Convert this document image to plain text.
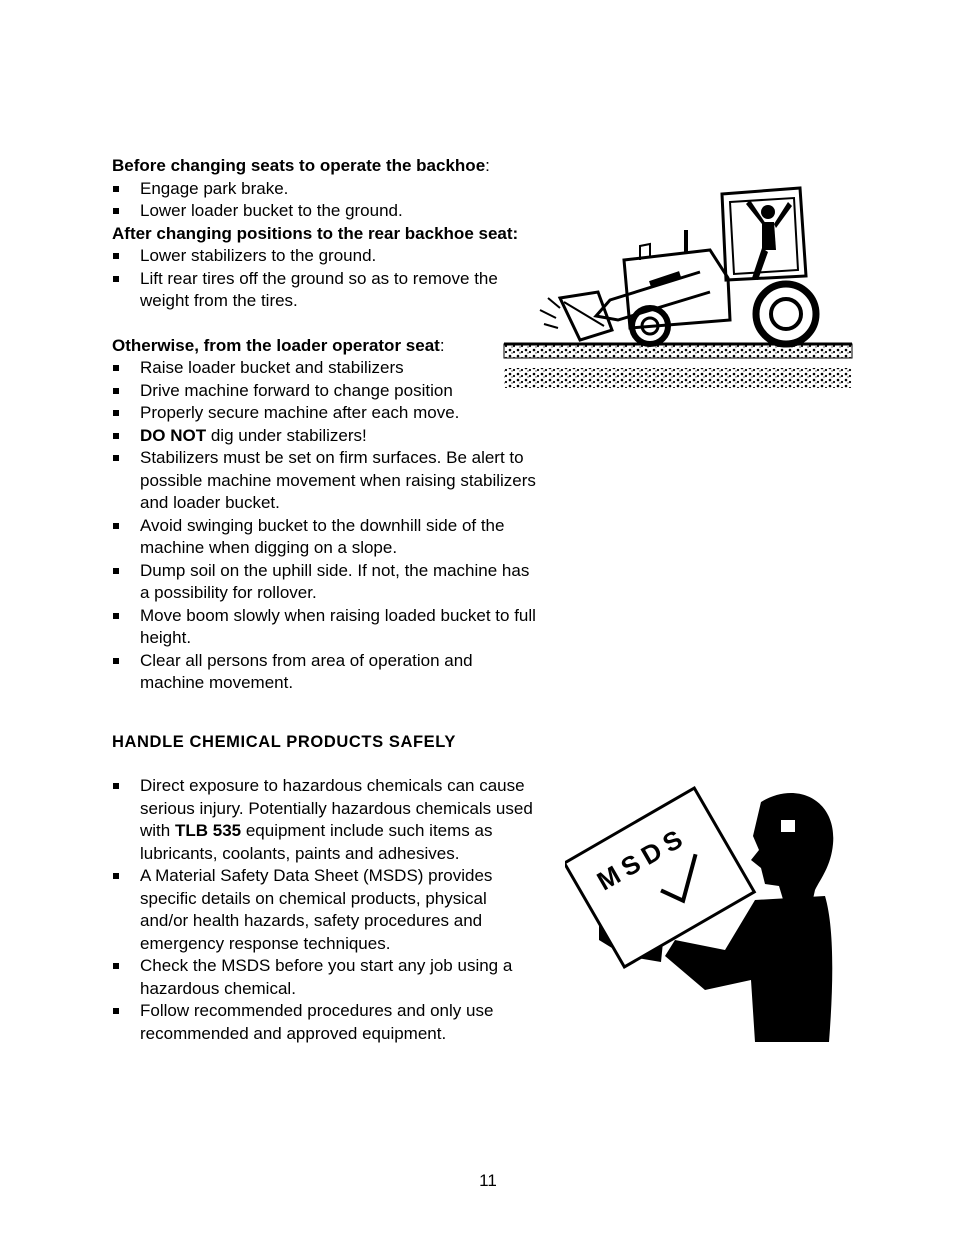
Before changing seats to operate the backhoe:

Engage park brake.
Lower loader bucket to the ground.

After changing positions to the rear backhoe seat:

Lower stabilizers to the ground.
Lift rear tires off the ground so as to remove the weight from the tires.

Otherwise, from the loader operator seat:

Raise loader bucket and stabilizers
Drive machine forward to change position
Properly secure machine after each move.
DO NOT dig under stabilizers!
Stabilizers must be set on firm surfaces. Be alert to possible machine movement when raising stabilizers and loader bucket.
Avoid swinging bucket to the downhill side of the machine when digging on a slope.
Dump soil on the uphill side. If not, the machine has a possibility for rollover.
Move boom slowly when raising loaded bucket to full height.
Clear all persons from area of operation and machine movement.

HANDLE CHEMICAL PRODUCTS SAFELY

Direct exposure to hazardous chemicals can cause serious injury. Potentially hazardous chemicals used with TLB 535 equipment include such items as lubricants, coolants, paints and adhesives.
A Material Safety Data Sheet (MSDS) provides specific details on chemical products, physical and/or health hazards, safety procedures and emergency response techniques.
Check the MSDS before you start any job using a hazardous chemical.
Follow recommended procedures and only use recommended and approved equipment.
MSDS
11
